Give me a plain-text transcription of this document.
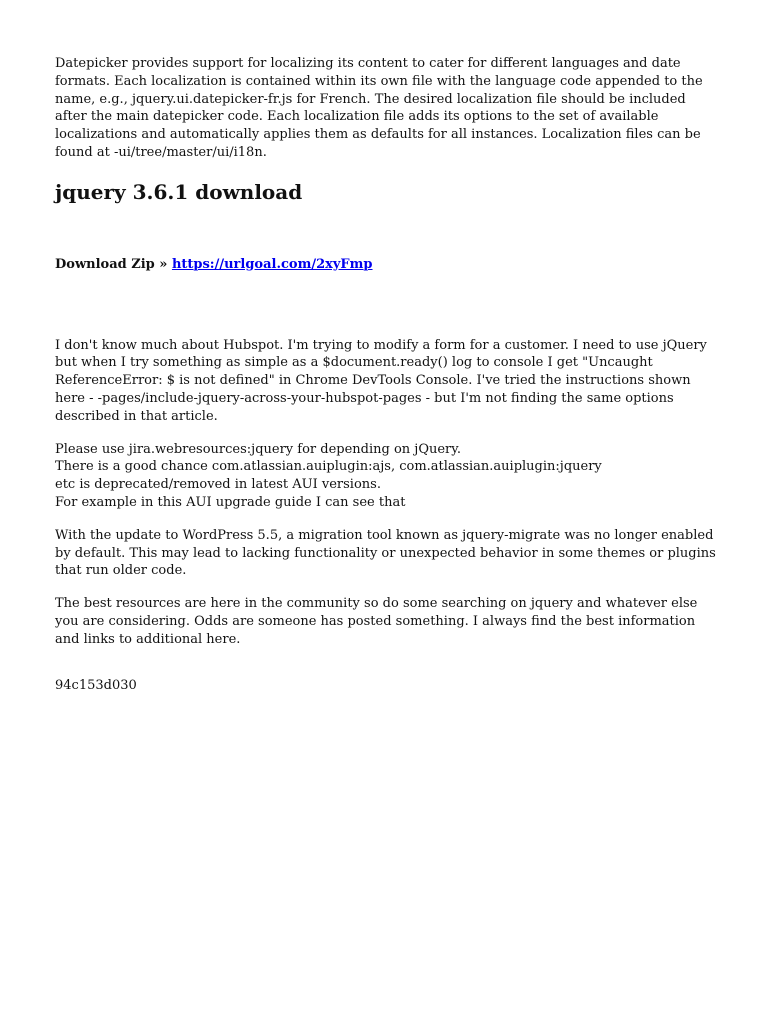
Datepicker provides support for localizing its content to cater for different languages and date formats. Each localization is contained within its own file with the language code appended to the name, e.g., jquery.ui.datepicker-fr.js for French. The desired localization file should be included after the main datepicker code. Each localization file adds its options to the set of available localizations and automatically applies them as defaults for all instances. Localization files can be found at -ui/tree/master/ui/i18n.

jquery 3.6.1 download

Download Zip » https://urlgoal.com/2xyFmp

I don't know much about Hubspot. I'm trying to modify a form for a customer. I need to use jQuery but when I try something as simple as a $document.ready() log to console I get "Uncaught ReferenceError: $ is not defined" in Chrome DevTools Console. I've tried the instructions shown here - -pages/include-jquery-across-your-hubspot-pages - but I'm not finding the same options described in that article.

Please use jira.webresources:jquery for depending on jQuery.
There is a good chance com.atlassian.auiplugin:ajs, com.atlassian.auiplugin:jquery
etc is deprecated/removed in latest AUI versions.
For example in this AUI upgrade guide I can see that

With the update to WordPress 5.5, a migration tool known as jquery-migrate was no longer enabled by default. This may lead to lacking functionality or unexpected behavior in some themes or plugins that run older code.

The best resources are here in the community so do some searching on jquery and whatever else you are considering. Odds are someone has posted something. I always find the best information and links to additional here.

94c153d030
